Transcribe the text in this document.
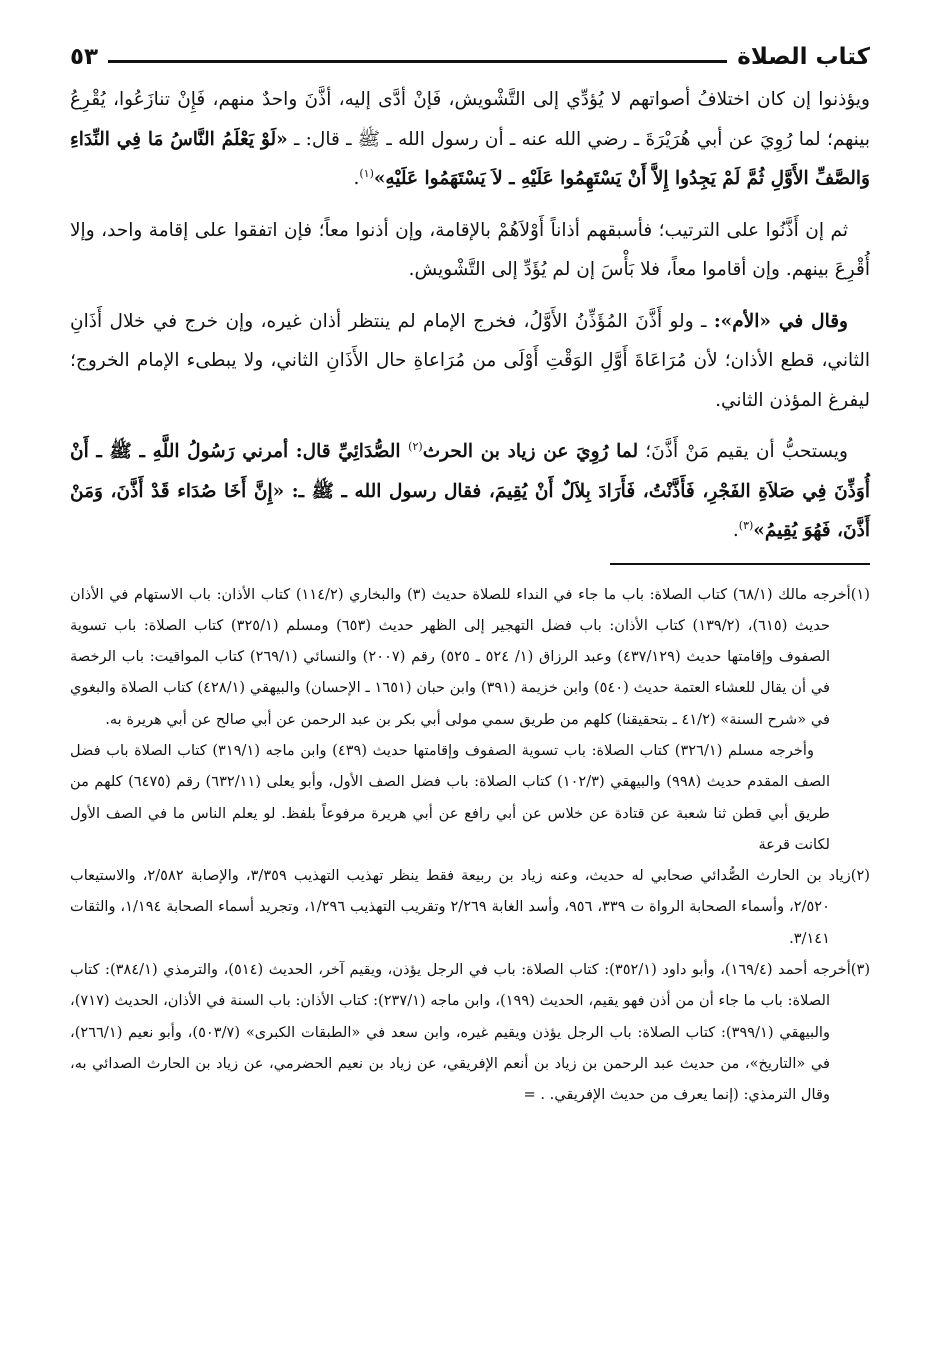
كتاب الصلاة
٥٣

ويؤذنوا إن كان اختلافُ أصواتهم لا يُؤدِّي إلى التَّشْويش، فَإنْ أدَّى إليه، أذَّنَ واحدٌ منهم، فَإِنْ تنازَعُوا، يُقْرِعُ بينهم؛ لما رُوِيَ عن أبي هُرَيْرَةَ ـ رضي الله عنه ـ أن رسول الله ـ ﷺ ـ قال: ـ «لَوْ يَعْلَمُ النَّاسُ مَا فِي النِّدَاءِ وَالصَّفِّ الأَوَّلِ ثُمَّ لَمْ يَجِدُوا إِلاَّ أَنْ يَسْتَهِمُوا عَلَيْهِ ـ لاَ يَسْتَهَمُوا عَلَيْهِ»$^{(١)}$.

ثم إن أَذَّنُوا على الترتيب؛ فأسبقهم أذاناً أَوْلاَهُمْ بالإقامة، وإن أذنوا معاً؛ فإن اتفقوا على إقامة واحد، وإلا أُقْرِعَ بينهم. وإن أقاموا معاً، فلا بَأْسَ إن لم يُؤَدِّ إلى التَّشْويش.

وقال في «الأم»: ـ ولو أَذَّنَ المُؤَذِّنُ الأَوَّلُ، فخرج الإمام لم ينتظر أذان غيره، وإن خرج في خلال أَذَانِ الثاني، قطع الأذان؛ لأن مُرَاعَاةَ أَوَّلِ الوَقْتِ أَوْلَى من مُرَاعاةِ حال الأَذَانِ الثاني، ولا يبطىء الإمام الخروج؛ ليفرغ المؤذن الثاني.

ويستحبُّ أن يقيم مَنْ أَذَّنَ؛ لما رُوِيَ عن زياد بن الحرث$^{(٢)}$ الصُّدَائِيِّ قال: أمرني رَسُولُ اللَّهِ ـ ﷺ ـ أَنْ أُوَذِّنَ فِي صَلاَةِ الفَجْرِ، فَأَذَّنْتُ، فَأَرَادَ بِلاَلٌ أَنْ يُقِيمَ، فقال رسول الله ـ ﷺ ـ: «إِنَّ أَخَا صُدَاء قَدْ أَذَّنَ، وَمَنْ أَذَّنَ، فَهُوَ يُقِيمُ»$^{(٣)}$.

(١)أخرجه مالك (٦٨/١) كتاب الصلاة: باب ما جاء في النداء للصلاة حديث (٣) والبخاري (١١٤/٢) كتاب الأذان: باب الاستهام في الأذان حديث (٦١٥)، (١٣٩/٢) كتاب الأذان: باب فضل التهجير إلى الظهر حديث (٦٥٣) ومسلم (٣٢٥/١) كتاب الصلاة: باب تسوية الصفوف وإقامتها حديث (٤٣٧/١٢٩) وعبد الرزاق (١/ ٥٢٤ ـ ٥٢٥) رقم (٢٠٠٧) والنسائي (٢٦٩/١) كتاب المواقيت: باب الرخصة في أن يقال للعشاء العتمة حديث (٥٤٠) وابن خزيمة (٣٩١) وابن حبان (١٦٥١ ـ الإحسان) والبيهقي (٤٢٨/١) كتاب الصلاة والبغوي في «شرح السنة» (٤١/٢ ـ بتحقيقنا) كلهم من طريق سمي مولى أبي بكر بن عبد الرحمن عن أبي صالح عن أبي هريرة به.

وأخرجه مسلم (٣٢٦/١) كتاب الصلاة: باب تسوية الصفوف وإقامتها حديث (٤٣٩) وابن ماجه (٣١٩/١) كتاب الصلاة باب فضل الصف المقدم حديث (٩٩٨) والبيهقي (١٠٢/٣) كتاب الصلاة: باب فضل الصف الأول، وأبو يعلى (٦٣٢/١١) رقم (٦٤٧٥) كلهم من طريق أبي قطن ثنا شعبة عن قتادة عن خلاس عن أبي رافع عن أبي هريرة مرفوعاً بلفظ. لو يعلم الناس ما في الصف الأول لكانت قرعة

(٢)زياد بن الحارث الصُّدائي صحابي له حديث، وعنه زياد بن ربيعة فقط ينظر تهذيب التهذيب ٣/٣٥٩، والإصابة ٢/٥٨٢، والاستيعاب ٢/٥٢٠، وأسماء الصحابة الرواة ت ٣٣٩، ٩٥٦، وأسد الغابة ٢/٢٦٩ وتقريب التهذيب ١/٢٩٦، وتجريد أسماء الصحابة ١/١٩٤، والثقات ٣/١٤١.

(٣)أخرجه أحمد (١٦٩/٤)، وأبو داود (٣٥٢/١): كتاب الصلاة: باب في الرجل يؤذن، ويقيم آخر، الحديث (٥١٤)، والترمذي (٣٨٤/١): كتاب الصلاة: باب ما جاء أن من أذن فهو يقيم، الحديث (١٩٩)، وابن ماجه (٢٣٧/١): كتاب الأذان: باب السنة في الأذان، الحديث (٧١٧)، والبيهقي (٣٩٩/١): كتاب الصلاة: باب الرجل يؤذن ويقيم غيره، وابن سعد في «الطبقات الكبرى» (٥٠٣/٧)، وأبو نعيم (٢٦٦/١)، في «التاريخ»، من حديث عبد الرحمن بن زياد بن أنعم الإفريقي، عن زياد بن نعيم الحضرمي، عن زياد بن الحارث الصدائي به، وقال الترمذي: (إنما يعرف من حديث الإفريقي. . =
